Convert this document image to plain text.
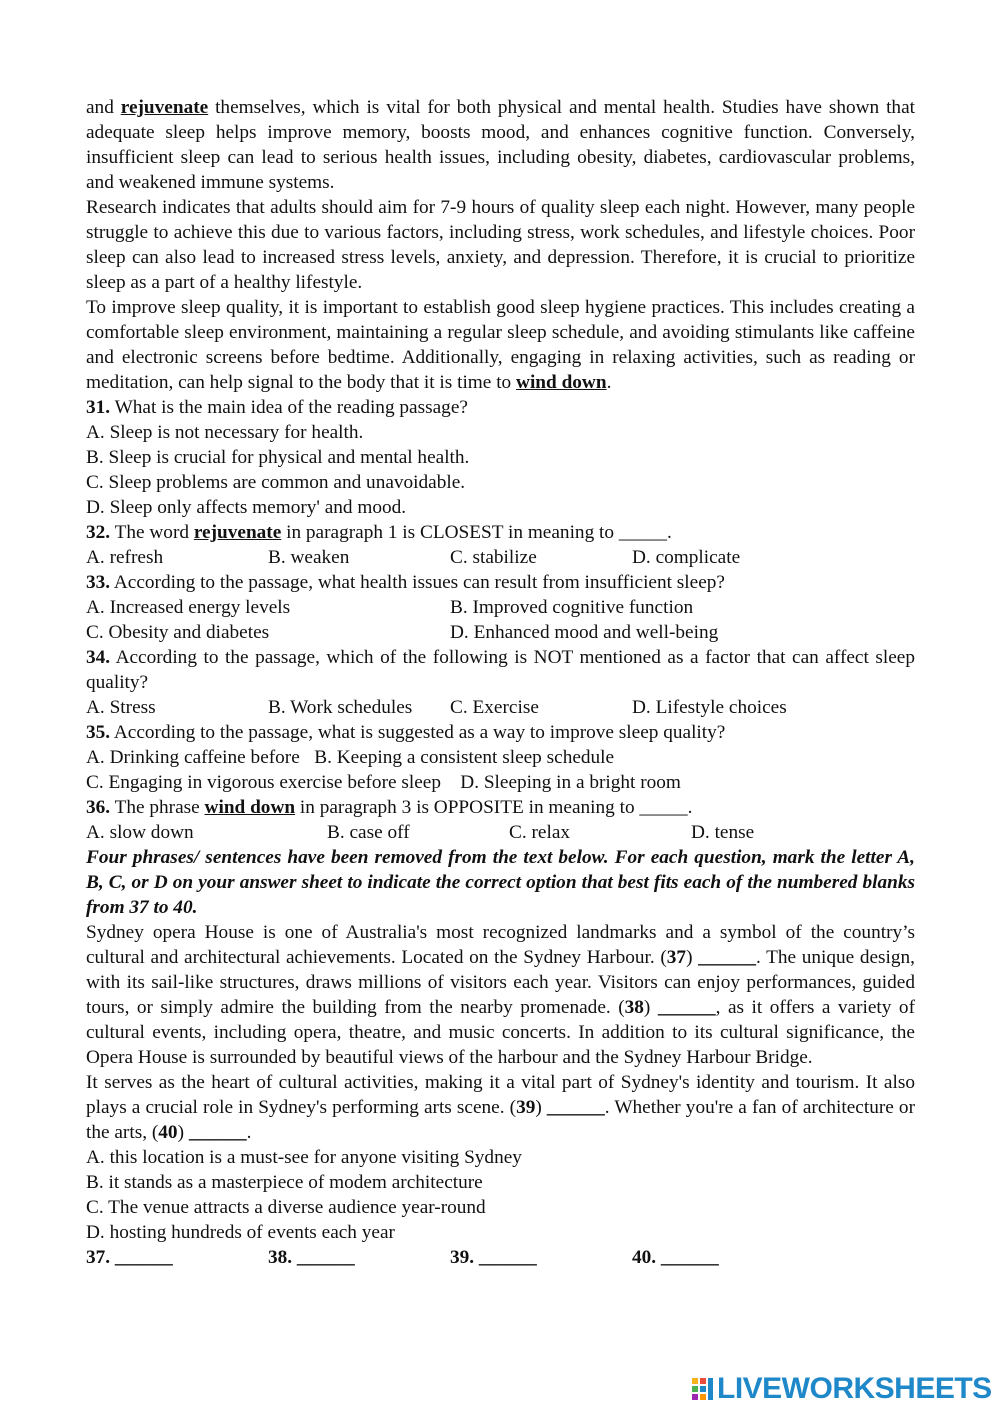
and rejuvenate themselves, which is vital for both physical and mental health. Studies have shown that adequate sleep helps improve memory, boosts mood, and enhances cognitive function. Conversely, insufficient sleep can lead to serious health issues, including obesity, diabetes, cardiovascular problems, and weakened immune systems.

Research indicates that adults should aim for 7-9 hours of quality sleep each night. However, many people struggle to achieve this due to various factors, including stress, work schedules, and lifestyle choices. Poor sleep can also lead to increased stress levels, anxiety, and depression. Therefore, it is crucial to prioritize sleep as a part of a healthy lifestyle.

To improve sleep quality, it is important to establish good sleep hygiene practices. This includes creating a comfortable sleep environment, maintaining a regular sleep schedule, and avoiding stimulants like caffeine and electronic screens before bedtime. Additionally, engaging in relaxing activities, such as reading or meditation, can help signal to the body that it is time to wind down.

31. What is the main idea of the reading passage?

A. Sleep is not necessary for health.

B. Sleep is crucial for physical and mental health.

C. Sleep problems are common and unavoidable.

D. Sleep only affects memory' and mood.

32. The word rejuvenate in paragraph 1 is CLOSEST in meaning to _____.

A. refresh	B. weaken	C. stabilize	D. complicate

33. According to the passage, what health issues can result from insufficient sleep?

A. Increased energy levels	B. Improved cognitive function
C. Obesity and diabetes	D. Enhanced mood and well-being

34. According to the passage, which of the following is NOT mentioned as a factor that can affect sleep quality?

A. Stress	B. Work schedules	C. Exercise	D. Lifestyle choices

35. According to the passage, what is suggested as a way to improve sleep quality?

A. Drinking caffeine before   B. Keeping a consistent sleep schedule

C. Engaging in vigorous exercise before sleep    D. Sleeping in a bright room

36. The phrase wind down in paragraph 3 is OPPOSITE in meaning to _____.

A. slow down	B. case off	C. relax	D. tense

Four phrases/ sentences have been removed from the text below. For each question, mark the letter A, B, C, or D on your answer sheet to indicate the correct option that best fits each of the numbered blanks from 37 to 40.

Sydney opera House is one of Australia's most recognized landmarks and a symbol of the country’s cultural and architectural achievements. Located on the Sydney Harbour. (37) ______. The unique design, with its sail-like structures, draws millions of visitors each year. Visitors can enjoy performances, guided tours, or simply admire the building from the nearby promenade. (38) ______, as it offers a variety of cultural events, including opera, theatre, and music concerts. In addition to its cultural significance, the Opera House is surrounded by beautiful views of the harbour and the Sydney Harbour Bridge.

It serves as the heart of cultural activities, making it a vital part of Sydney's identity and tourism. It also plays a crucial role in Sydney's performing arts scene. (39) ______. Whether you're a fan of architecture or the arts, (40) ______.

A. this location is a must-see for anyone visiting Sydney

B. it stands as a masterpiece of modem architecture

C. The venue attracts a diverse audience year-round

D. hosting hundreds of events each year

37. ______	38. ______	39. ______	40. ______
LIVEWORKSHEETS
